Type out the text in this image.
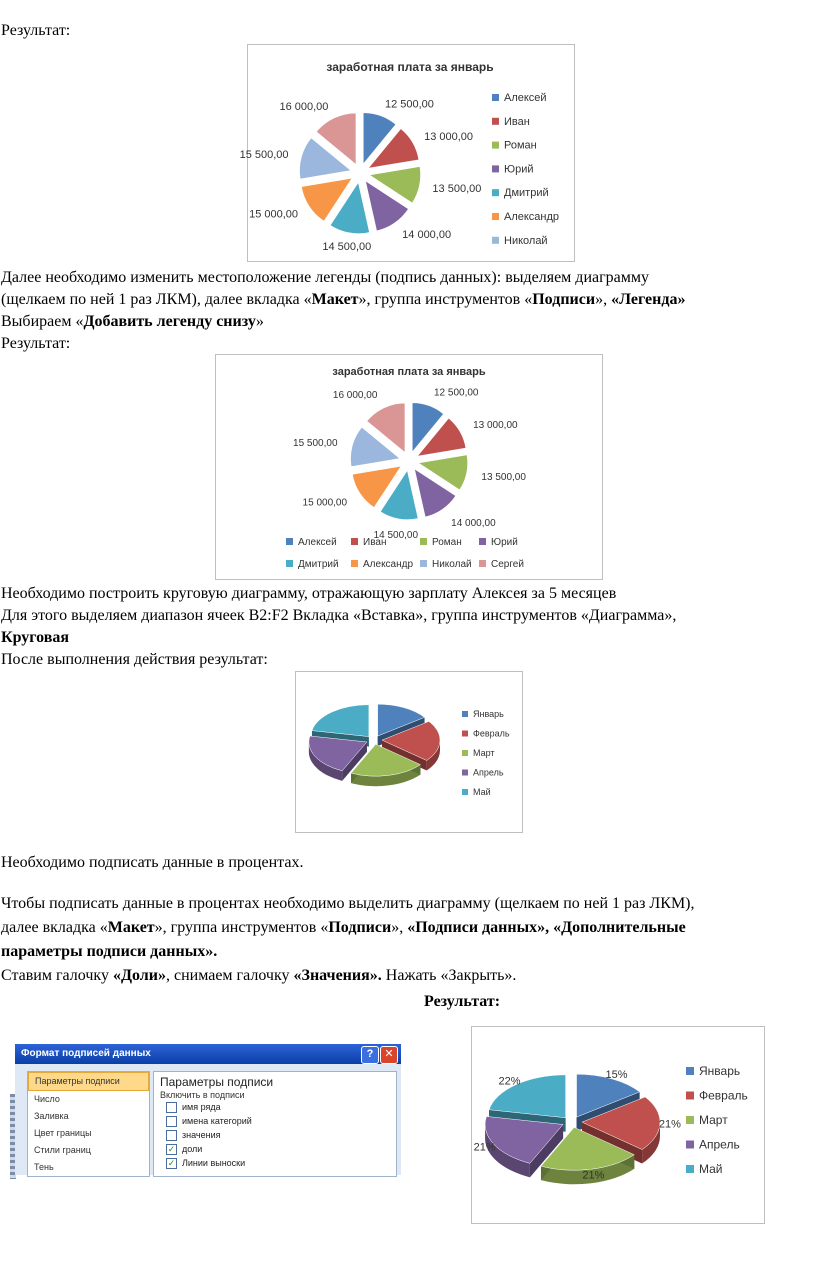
Результат:
12 500,00
13 000,00
13 500,00
14 000,00
14 500,00
15 000,00
15 500,00
16 000,00
заработная плата за январь
Алексей
Иван
Роман
Юрий
Дмитрий
Александр
Николай
Далее необходимо изменить местоположение легенды (подпись данных): выделяем диаграмму
(щелкаем по ней 1 раз ЛКМ), далее вкладка «Макет», группа инструментов «Подписи», «Легенда»
Выбираем «Добавить легенду снизу»
Результат:
12 500,00
13 000,00
13 500,00
14 000,00
14 500,00
15 000,00
15 500,00
16 000,00
заработная плата за январь
Алексей	Иван	Роман	Юрий
Дмитрий Александр Николай Сергей
Необходимо построить круговую диаграмму, отражающую зарплату Алексея за 5 месяцев
Для этого выделяем диапазон ячеек B2:F2 Вкладка «Вставка», группа инструментов «Диаграмма»,
Круговая
После выполнения действия результат:
Январь
Февраль
Март
Апрель
Май
Необходимо подписать данные в процентах.
Чтобы подписать данные в процентах необходимо выделить диаграмму (щелкаем по ней 1 раз ЛКМ),
далее вкладка «Макет», группа инструментов «Подписи», «Подписи данных», «Дополнительные
параметры подписи данных».
Ставим галочку «Доли», снимаем галочку «Значения». Нажать «Закрыть».
Результат:
Формат подписей данных	?	✕
Параметры подписи
Число
Заливка
Цвет границы
Стили границ
Тень
Параметры подписи
Включить в подписи
имя ряда
имена категорий
значения
✓ доли
✓ Линии выноски
15%
21%
21%
21%
22%
Январь
Февраль
Март
Апрель
Май
